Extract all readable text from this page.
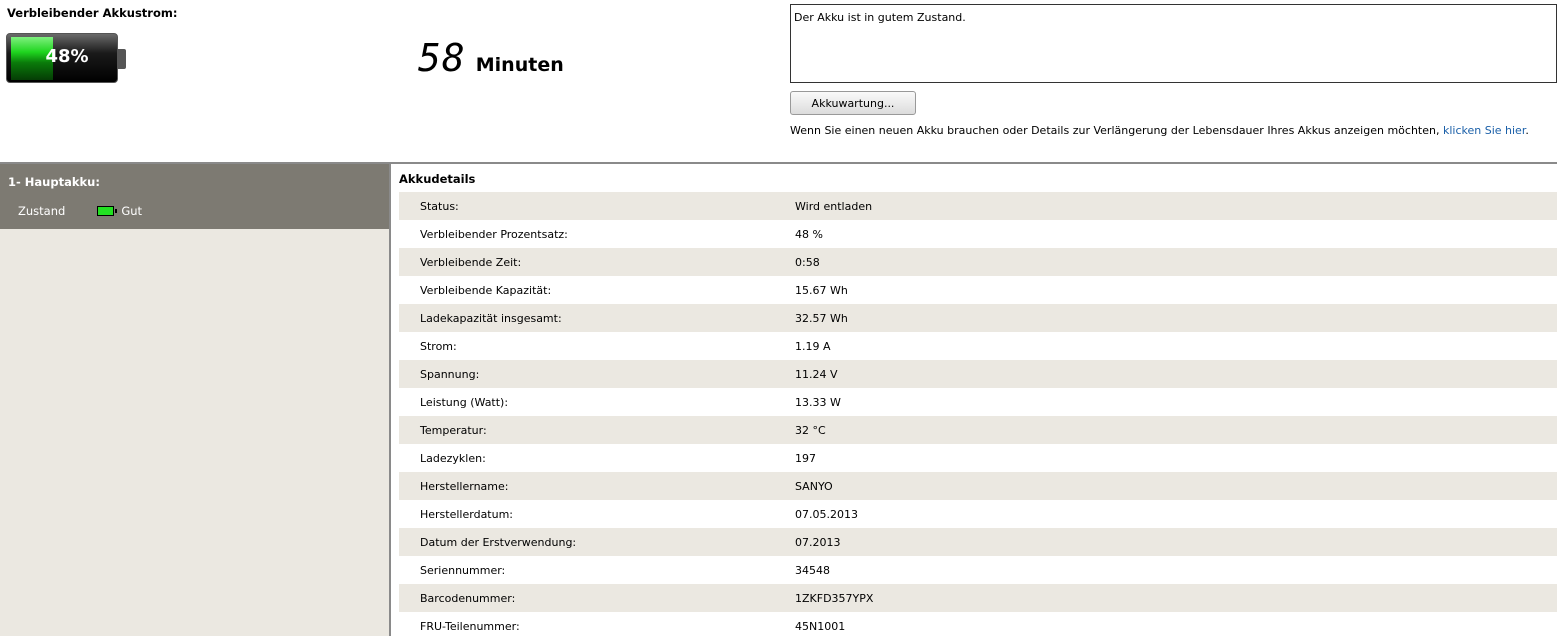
Verbleibender Akkustrom:
48%	58 Minuten
Der Akku ist in gutem Zustand.
Akkuwartung...
Wenn Sie einen neuen Akku brauchen oder Details zur Verlängerung der Lebensdauer Ihres Akkus anzeigen möchten, klicken Sie hier.
1- Hauptakku:
Zustand	Gut
Akkudetails
Status:	Wird entladen
Verbleibender Prozentsatz:	48 %
Verbleibende Zeit:	0:58
Verbleibende Kapazität:	15.67 Wh
Ladekapazität insgesamt:	32.57 Wh
Strom:	1.19 A
Spannung:	11.24 V
Leistung (Watt):	13.33 W
Temperatur:	32 °C
Ladezyklen:	197
Herstellername:	SANYO
Herstellerdatum:	07.05.2013
Datum der Erstverwendung:	07.2013
Seriennummer:	34548
Barcodenummer:	1ZKFD357YPX
FRU-Teilenummer:	45N1001
